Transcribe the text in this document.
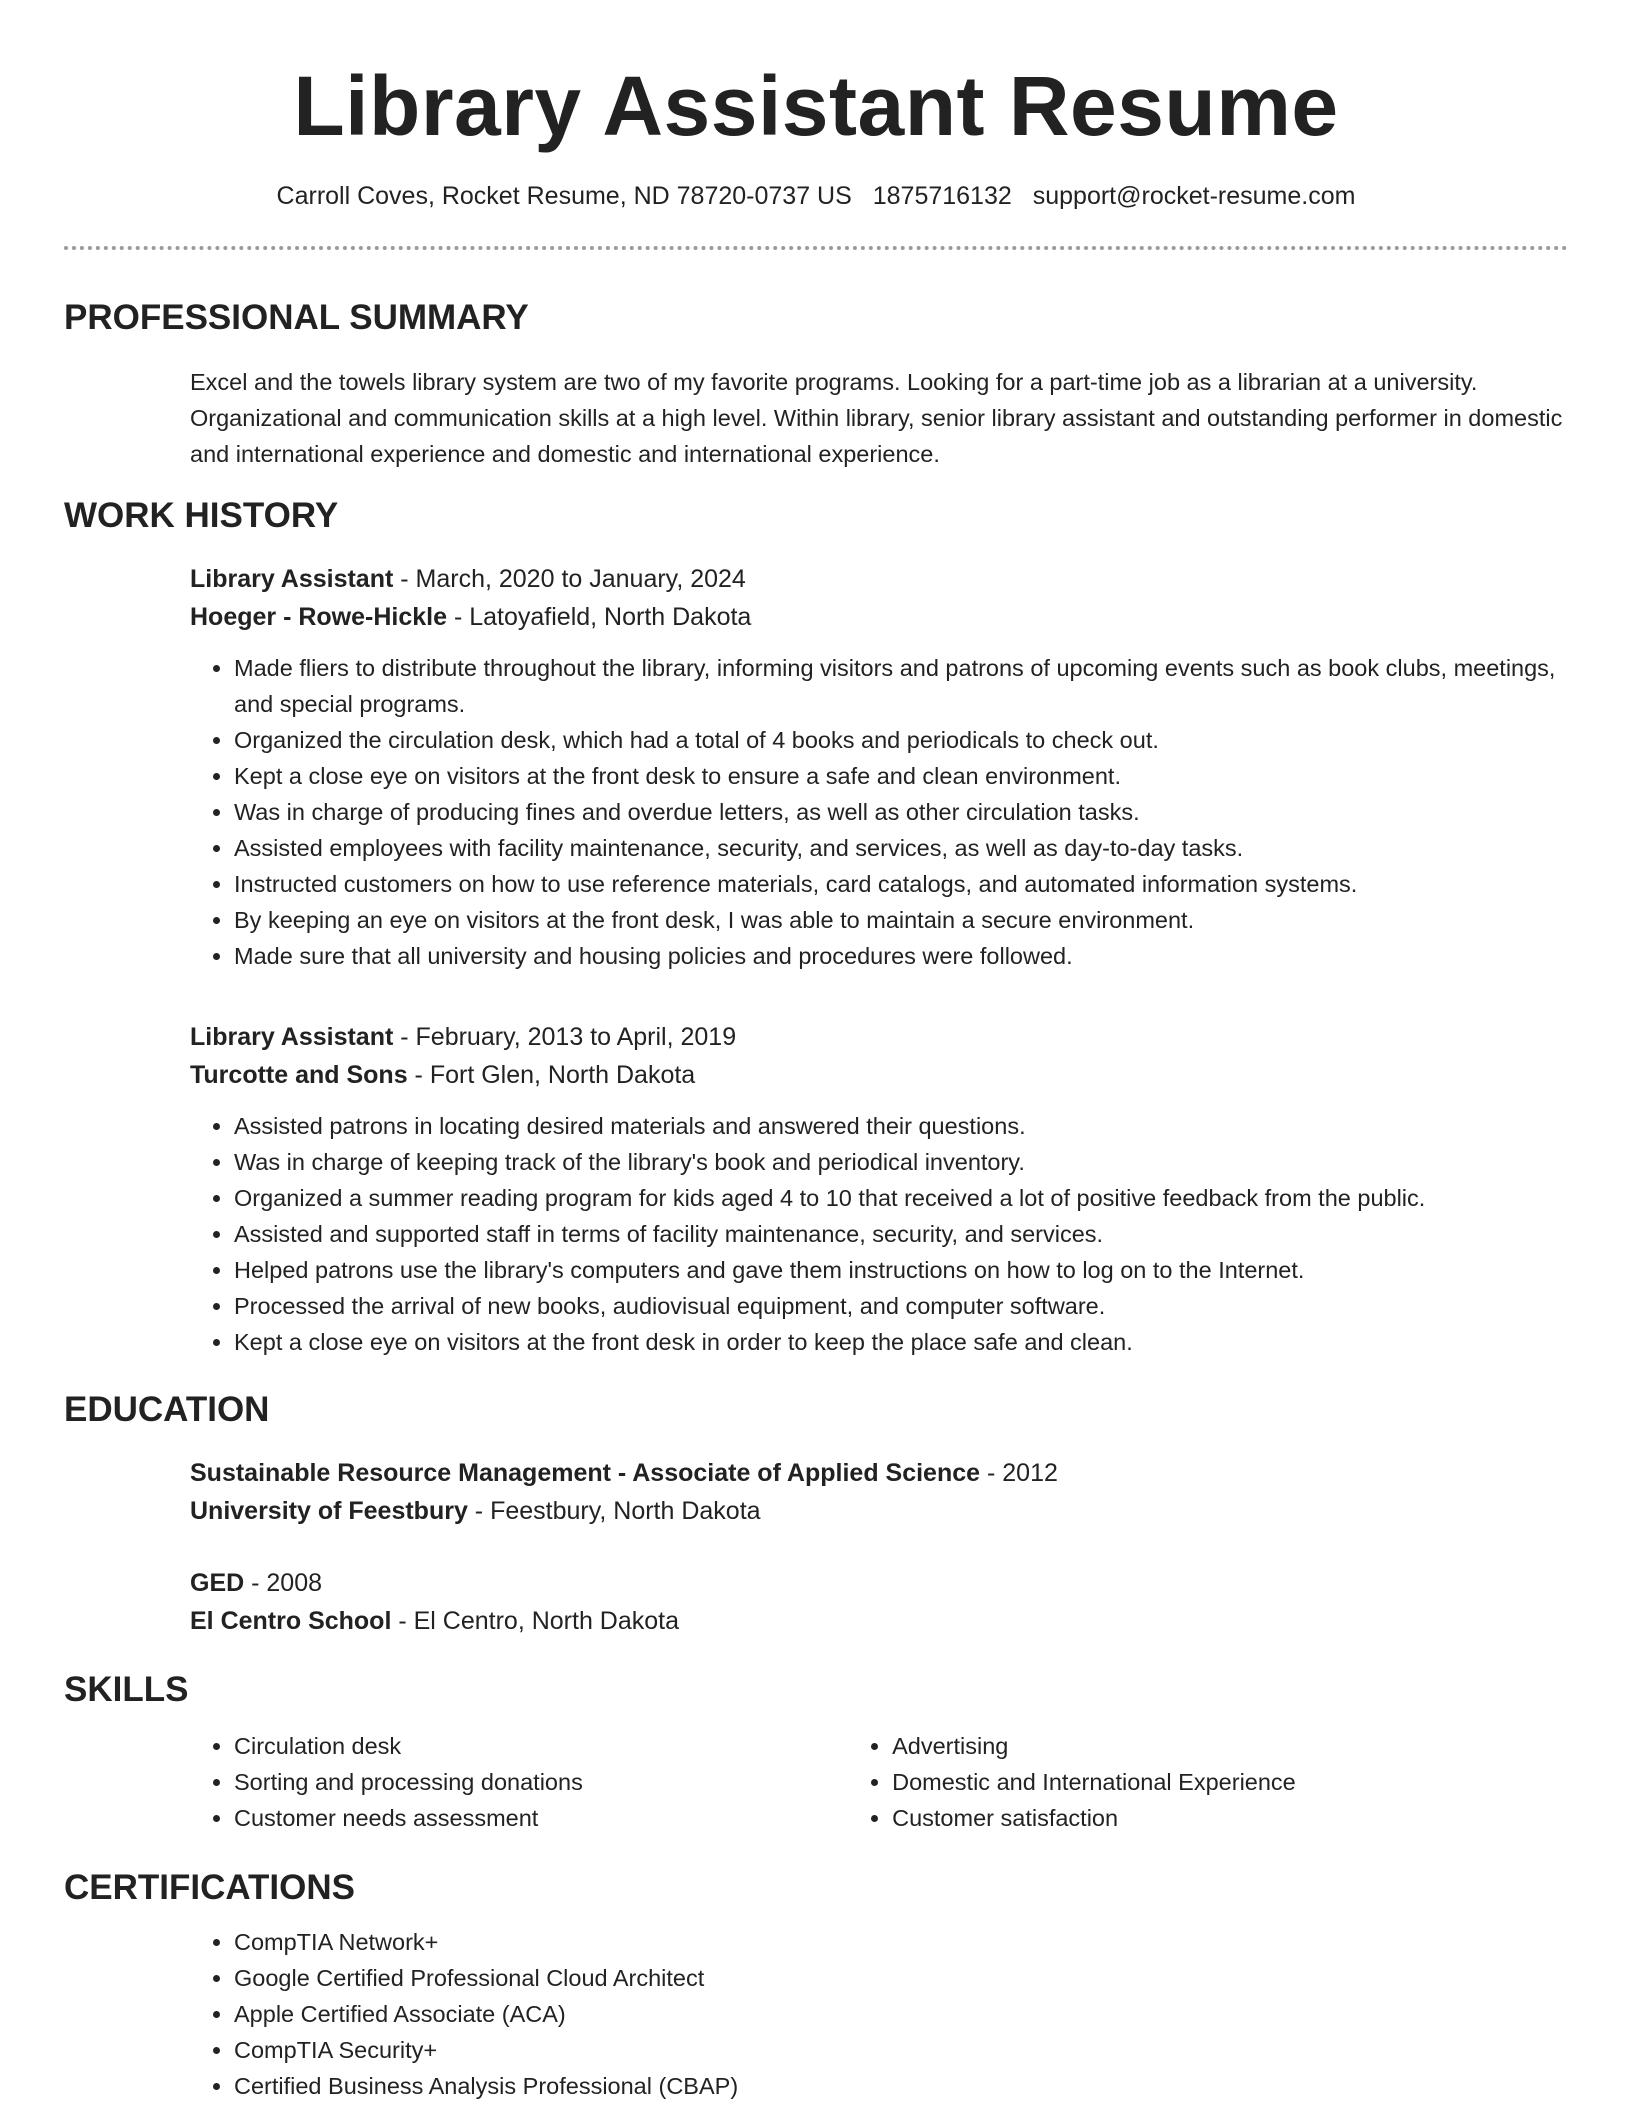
Library Assistant Resume
Carroll Coves, Rocket Resume, ND 78720-0737 US 1875716132 support@rocket-resume.com
PROFESSIONAL SUMMARY
Excel and the towels library system are two of my favorite programs. Looking for a part-time job as a librarian at a university. Organizational and communication skills at a high level. Within library, senior library assistant and outstanding performer in domestic and international experience and domestic and international experience.
WORK HISTORY
Library Assistant - March, 2020 to January, 2024
Hoeger - Rowe-Hickle - Latoyafield, North Dakota
• Made fliers to distribute throughout the library, informing visitors and patrons of upcoming events such as book clubs, meetings, and special programs.
• Organized the circulation desk, which had a total of 4 books and periodicals to check out.
• Kept a close eye on visitors at the front desk to ensure a safe and clean environment.
• Was in charge of producing fines and overdue letters, as well as other circulation tasks.
• Assisted employees with facility maintenance, security, and services, as well as day-to-day tasks.
• Instructed customers on how to use reference materials, card catalogs, and automated information systems.
• By keeping an eye on visitors at the front desk, I was able to maintain a secure environment.
• Made sure that all university and housing policies and procedures were followed.
Library Assistant - February, 2013 to April, 2019
Turcotte and Sons - Fort Glen, North Dakota
• Assisted patrons in locating desired materials and answered their questions.
• Was in charge of keeping track of the library's book and periodical inventory.
• Organized a summer reading program for kids aged 4 to 10 that received a lot of positive feedback from the public.
• Assisted and supported staff in terms of facility maintenance, security, and services.
• Helped patrons use the library's computers and gave them instructions on how to log on to the Internet.
• Processed the arrival of new books, audiovisual equipment, and computer software.
• Kept a close eye on visitors at the front desk in order to keep the place safe and clean.
EDUCATION
Sustainable Resource Management - Associate of Applied Science - 2012
University of Feestbury - Feestbury, North Dakota
GED - 2008
El Centro School - El Centro, North Dakota
SKILLS
• Circulation desk
• Sorting and processing donations
• Customer needs assessment
• Advertising
• Domestic and International Experience
• Customer satisfaction
CERTIFICATIONS
• CompTIA Network+
• Google Certified Professional Cloud Architect
• Apple Certified Associate (ACA)
• CompTIA Security+
• Certified Business Analysis Professional (CBAP)
